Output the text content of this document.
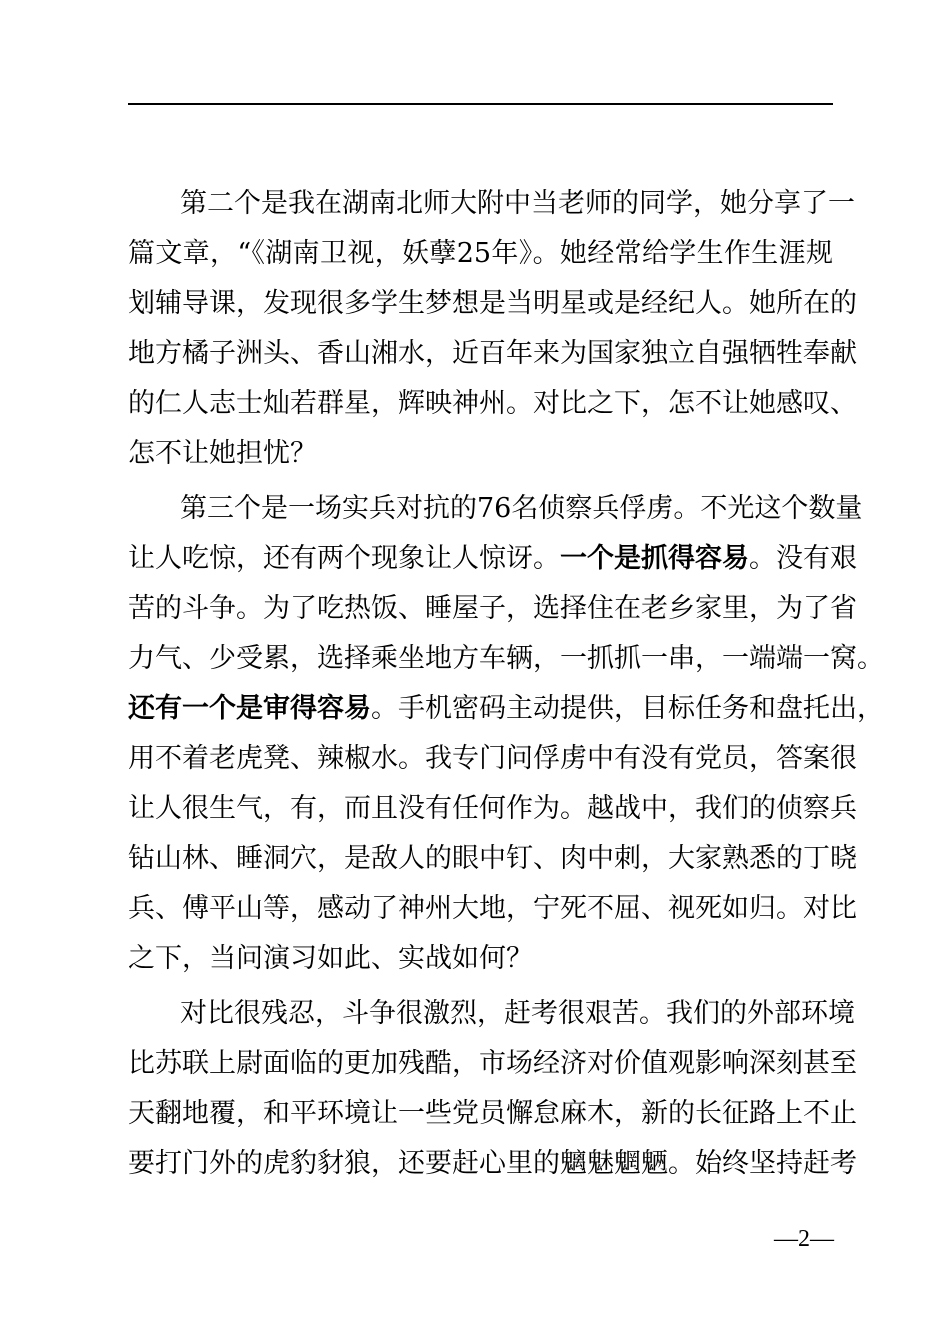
第二个是我在湖南北师大附中当老师的同学，她分享了一
篇文章，“《湖南卫视，妖孽25年》。她经常给学生作生涯规
划辅导课，发现很多学生梦想是当明星或是经纪人。她所在的
地方橘子洲头、香山湘水，近百年来为国家独立自强牺牲奉献
的仁人志士灿若群星，辉映神州。对比之下，怎不让她感叹、
怎不让她担忧？
第三个是一场实兵对抗的76名侦察兵俘虏。不光这个数量
让人吃惊，还有两个现象让人惊讶。一个是抓得容易。没有艰
苦的斗争。为了吃热饭、睡屋子，选择住在老乡家里，为了省
力气、少受累，选择乘坐地方车辆，一抓抓一串，一端端一窝。
还有一个是审得容易。手机密码主动提供，目标任务和盘托出，
用不着老虎凳、辣椒水。我专门问俘虏中有没有党员，答案很
让人很生气，有，而且没有任何作为。越战中，我们的侦察兵
钻山林、睡洞穴，是敌人的眼中钉、肉中刺，大家熟悉的丁晓
兵、傅平山等，感动了神州大地，宁死不屈、视死如归。对比
之下，当问演习如此、实战如何？
对比很残忍，斗争很激烈，赶考很艰苦。我们的外部环境
比苏联上尉面临的更加残酷，市场经济对价值观影响深刻甚至
天翻地覆，和平环境让一些党员懈怠麻木，新的长征路上不止
要打门外的虎豹豺狼，还要赶心里的魑魅魍魉。始终坚持赶考
—2—
